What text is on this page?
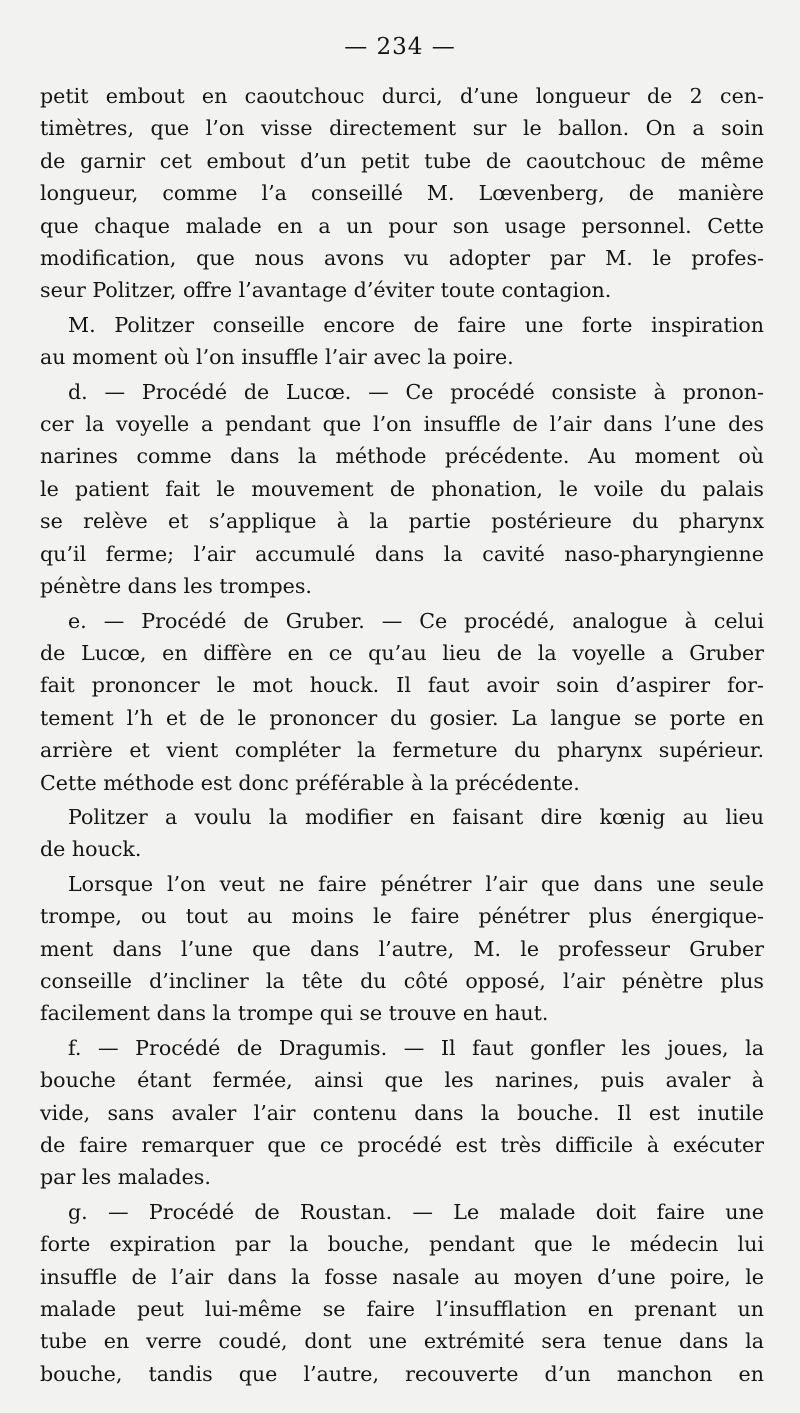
— 234 —

petit embout en caoutchouc durci, d’une longueur de 2 cen-
timètres, que l’on visse directement sur le ballon. On a soin
de garnir cet embout d’un petit tube de caoutchouc de même
longueur, comme l’a conseillé M. Lœvenberg, de manière
que chaque malade en a un pour son usage personnel. Cette
modification, que nous avons vu adopter par M. le profes-
seur Politzer, offre l’avantage d’éviter toute contagion.

M. Politzer conseille encore de faire une forte inspiration
au moment où l’on insuffle l’air avec la poire.

d. — Procédé de Lucœ. — Ce procédé consiste à pronon-
cer la voyelle a pendant que l’on insuffle de l’air dans l’une des
narines comme dans la méthode précédente. Au moment où
le patient fait le mouvement de phonation, le voile du palais
se relève et s’applique à la partie postérieure du pharynx
qu’il ferme; l’air accumulé dans la cavité naso-pharyngienne
pénètre dans les trompes.

e. — Procédé de Gruber. — Ce procédé, analogue à celui
de Lucœ, en diffère en ce qu’au lieu de la voyelle a Gruber
fait prononcer le mot houck. Il faut avoir soin d’aspirer for-
tement l’h et de le prononcer du gosier. La langue se porte en
arrière et vient compléter la fermeture du pharynx supérieur.
Cette méthode est donc préférable à la précédente.

Politzer a voulu la modifier en faisant dire kœnig au lieu
de houck.

Lorsque l’on veut ne faire pénétrer l’air que dans une seule
trompe, ou tout au moins le faire pénétrer plus énergique-
ment dans l’une que dans l’autre, M. le professeur Gruber
conseille d’incliner la tête du côté opposé, l’air pénètre plus
facilement dans la trompe qui se trouve en haut.

f. — Procédé de Dragumis. — Il faut gonfler les joues, la
bouche étant fermée, ainsi que les narines, puis avaler à
vide, sans avaler l’air contenu dans la bouche. Il est inutile
de faire remarquer que ce procédé est très difficile à exécuter
par les malades.

g. — Procédé de Roustan. — Le malade doit faire une
forte expiration par la bouche, pendant que le médecin lui
insuffle de l’air dans la fosse nasale au moyen d’une poire, le
malade peut lui-même se faire l’insufflation en prenant un
tube en verre coudé, dont une extrémité sera tenue dans la
bouche, tandis que l’autre, recouverte d’un manchon en
